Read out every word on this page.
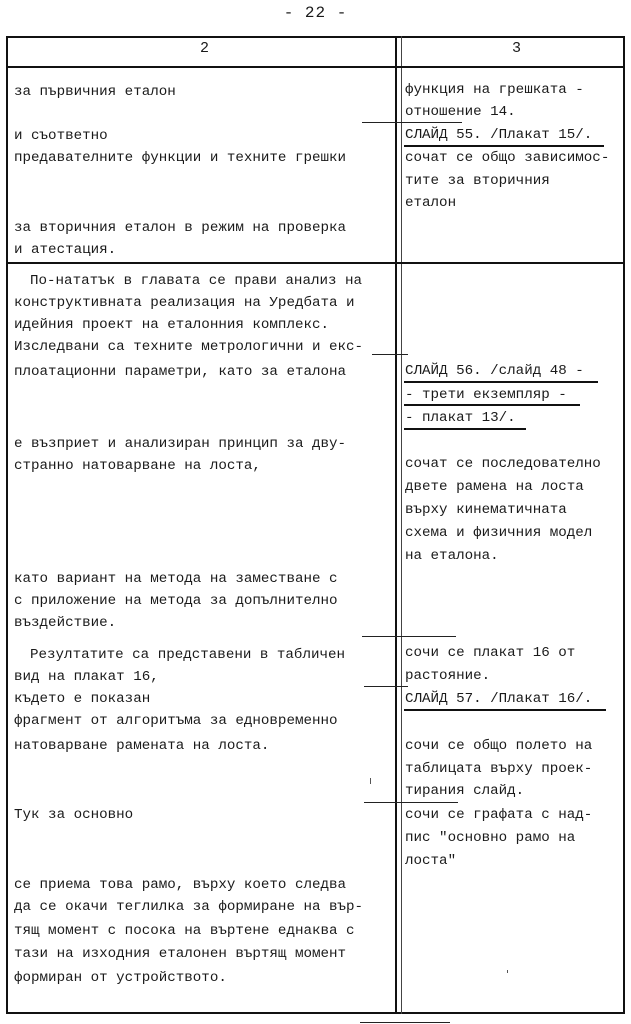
- 22 -
2	3
за първичния еталон
и съответно
предавателните функции и техните грешки
за вторичния еталон в режим на проверка
и атестация.
По-нататък в главата се прави анализ на
конструктивната реализация на Уредбата и
идейния проект на еталонния комплекс.
Изследвани са техните метрологични и екс-
плоатационни параметри, като за еталона
е възприет и анализиран принцип за дву-
странно натоварване на лоста,
като вариант на метода на заместване с
с приложение на метода за допълнително
въздействие.
Резултатите са представени в табличен
вид на плакат 16,
където е показан
фрагмент от алгоритъма за едновременно
натоварване рамената на лоста.
Тук за основно
се приема това рамо, върху което следва
да се окачи теглилка за формиране на вър-
тящ момент с посока на въртене еднаква с
тази на изходния еталонен въртящ момент
формиран от устройството.
функция на грешката -
отношение 14.
СЛАЙД 55. /Плакат 15/.
сочат се общо зависимос-
тите за вторичния
еталон
СЛАЙД 56. /слайд 48 -
- трети екземпляр -
- плакат 13/.
сочат се последователно
двете рамена на лоста
върху кинематичната
схема и физичния модел
на еталона.
сочи се плакат 16 от
растояние.
СЛАЙД 57. /Плакат 16/.
сочи се общо полето на
таблицата върху проек-
тирания слайд.
сочи се графата с над-
пис "основно рамо на
лоста"
